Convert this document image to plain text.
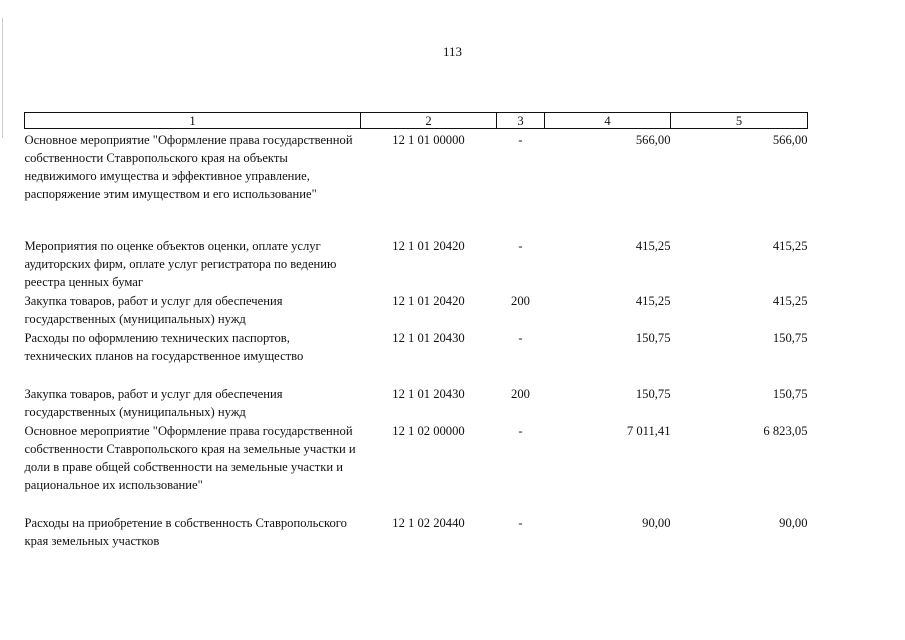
113
1	2	3	4	5
Основное мероприятие "Оформление права государственной собственности Ставропольского края на объекты недвижимого имущества и эффективное управление, распоряжение этим имуществом и его использование"	12 1 01 00000	-	566,00	566,00
Мероприятия по оценке объектов оценки, оплате услуг аудиторских фирм, оплате услуг регистратора по ведению реестра ценных бумаг	12 1 01 20420	-	415,25	415,25
Закупка товаров, работ и услуг для обеспечения государственных (муниципальных) нужд	12 1 01 20420	200	415,25	415,25
Расходы по оформлению технических паспортов, технических планов на государственное имущество	12 1 01 20430	-	150,75	150,75
Закупка товаров, работ и услуг для обеспечения государственных (муниципальных) нужд	12 1 01 20430	200	150,75	150,75
Основное мероприятие "Оформление права государственной собственности Ставропольского края на земельные участки и доли в праве общей собственности на земельные участки и рациональное их использование"	12 1 02 00000	-	7 011,41	6 823,05
Расходы на приобретение в собственность Ставропольского края земельных участков	12 1 02 20440	-	90,00	90,00
